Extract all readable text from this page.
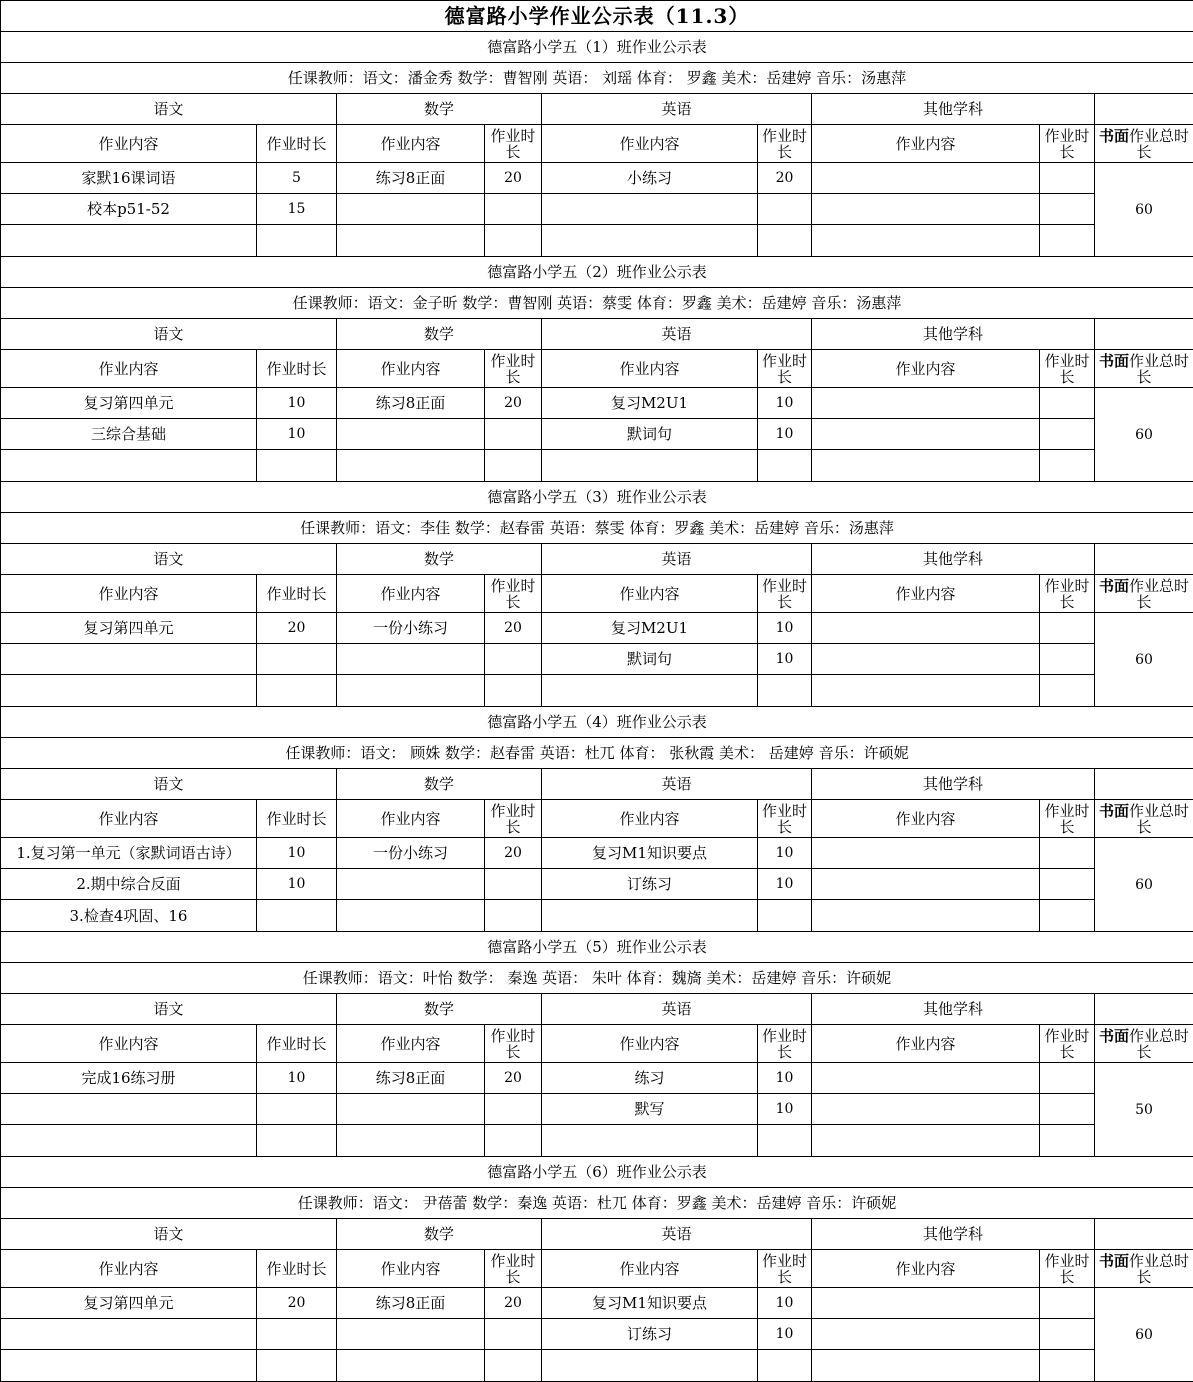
德富路小学作业公示表（11.3）								
德富路小学五（1）班作业公示表								
任课教师：语文：潘金秀 数学：曹智刚 英语： 刘瑶 体育： 罗鑫 美术：岳建婷 音乐：汤惠萍								
语文		数学		英语		其他学科		
作业内容	作业时长	作业内容	作业时长	作业内容	作业时长	作业内容	作业时长	书面作业总时长
家默16课词语	5	练习8正面	20	小练习	20			60
校本p51-52	15							

德富路小学五（2）班作业公示表								
任课教师：语文：金子昕 数学：曹智刚 英语：蔡雯 体育：罗鑫 美术：岳建婷 音乐：汤惠萍								
语文		数学		英语		其他学科		
作业内容	作业时长	作业内容	作业时长	作业内容	作业时长	作业内容	作业时长	书面作业总时长
复习第四单元	10	练习8正面	20	复习M2U1	10			60
三综合基础	10			默词句	10			

德富路小学五（3）班作业公示表								
任课教师：语文：李佳 数学：赵春雷 英语：蔡雯 体育：罗鑫 美术：岳建婷 音乐：汤惠萍								
语文		数学		英语		其他学科		
作业内容	作业时长	作业内容	作业时长	作业内容	作业时长	作业内容	作业时长	书面作业总时长
复习第四单元	20	一份小练习	20	复习M2U1	10			60
				默词句	10			

德富路小学五（4）班作业公示表								
任课教师：语文： 顾姝 数学：赵春雷 英语：杜兀 体育： 张秋霞 美术： 岳建婷 音乐：许硕妮								
语文		数学		英语		其他学科		
作业内容	作业时长	作业内容	作业时长	作业内容	作业时长	作业内容	作业时长	书面作业总时长
1.复习第一单元（家默词语古诗）	10	一份小练习	20	复习M1知识要点	10			60
2.期中综合反面	10			订练习	10			
3.检查4巩固、16								
德富路小学五（5）班作业公示表								
任课教师：语文：叶怡 数学： 秦逸 英语： 朱叶 体育：魏旖 美术：岳建婷 音乐：许硕妮								
语文		数学		英语		其他学科		
作业内容	作业时长	作业内容	作业时长	作业内容	作业时长	作业内容	作业时长	书面作业总时长
完成16练习册	10	练习8正面	20	练习	10			50
				默写	10			

德富路小学五（6）班作业公示表								
任课教师：语文： 尹蓓蕾 数学：秦逸 英语：杜兀 体育：罗鑫 美术：岳建婷 音乐：许硕妮								
语文		数学		英语		其他学科		
作业内容	作业时长	作业内容	作业时长	作业内容	作业时长	作业内容	作业时长	书面作业总时长
复习第四单元	20	练习8正面	20	复习M1知识要点	10			60
				订练习	10			
